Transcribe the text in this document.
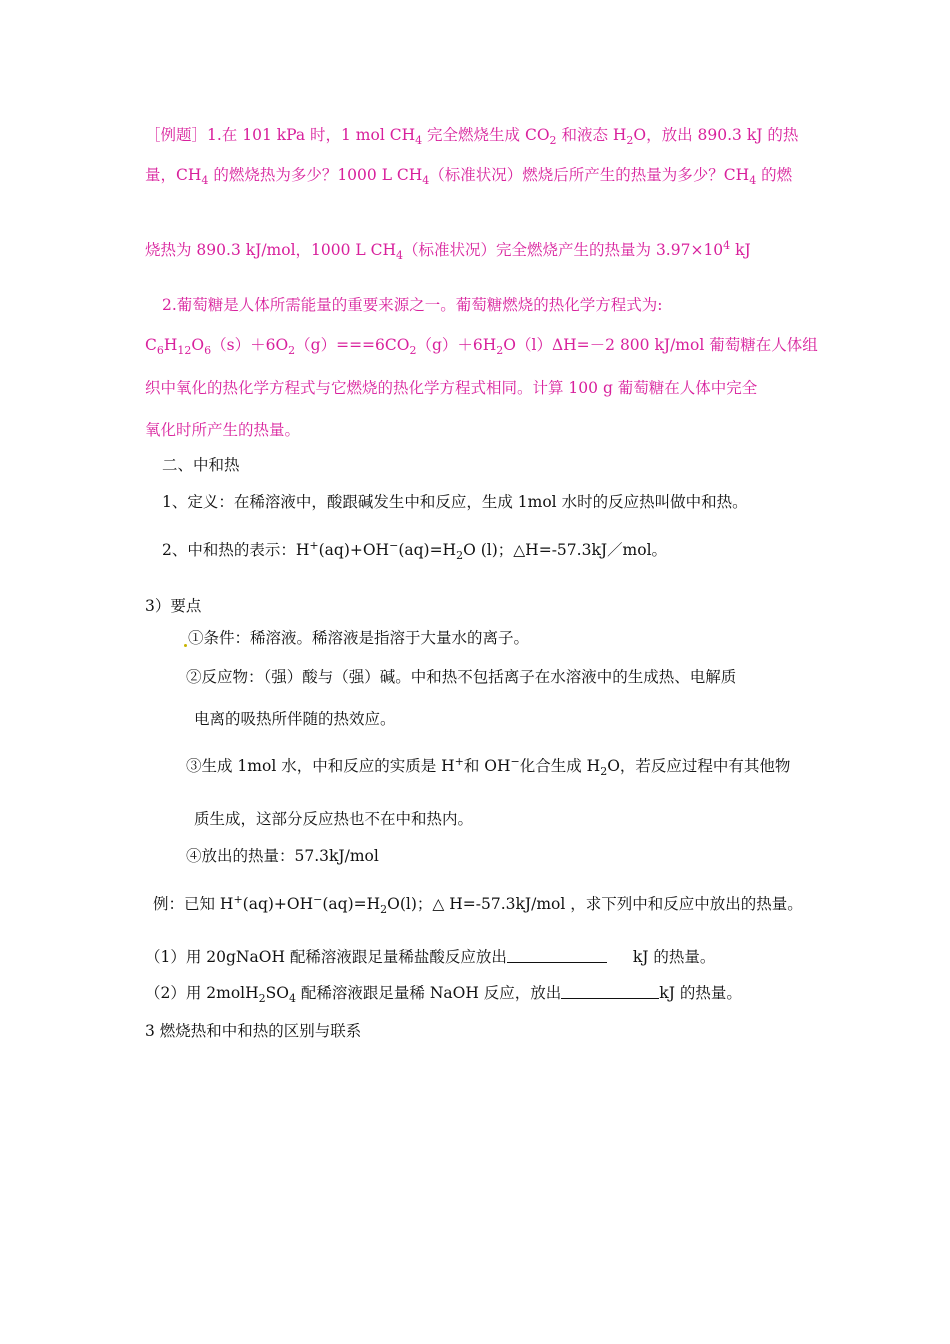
［例题］1.在 101 kPa 时，1 mol $CH_4$ 完全燃烧生成 $CO_2$ 和液态 $H_2O$，放出 890.3 kJ 的热
量，$CH_4$ 的燃烧热为多少？1000 L $CH_4$（标准状况）燃烧后所产生的热量为多少？$CH_4$ 的燃
烧热为 890.3 kJ/mol，1000 L $CH_4$（标准状况）完全燃烧产生的热量为 $3.97\times 10^4$ kJ
2.葡萄糖是人体所需能量的重要来源之一。葡萄糖燃烧的热化学方程式为:
$C_6H_{12}O_6(s)+6O_2(g)===6CO_2(g)+6H_2O(l)\Delta H=-2$ 800 kJ/mol 葡萄糖在人体组
织中氧化的热化学方程式与它燃烧的热化学方程式相同。计算 100 g 葡萄糖在人体中完全
氧化时所产生的热量。
二、中和热
1、定义：在稀溶液中，酸跟碱发生中和反应，生成 1mol 水时的反应热叫做中和热。
2、中和热的表示：$H^+(aq)+OH^-(aq)=H_2O$ (l)；△H=-57.3kJ／mol。
3）要点
①条件：稀溶液。稀溶液是指溶于大量水的离子。
②反应物：（强）酸与（强）碱。中和热不包括离子在水溶液中的生成热、电解质
电离的吸热所伴随的热效应。
③生成 1mol 水，中和反应的实质是 H+和 OH−化合生成 $H_2O$，若反应过程中有其他物
质生成，这部分反应热也不在中和热内。
④放出的热量：57.3kJ/mol
例：已知 $H^+(aq)+OH^-(aq)=H_2O(l)$；△ H=-57.3kJ/mol ，求下列中和反应中放出的热量。
（1）用 20gNaOH 配稀溶液跟足量稀盐酸反应放出	kJ 的热量。
（2）用 $2molH_2SO_4$ 配稀溶液跟足量稀 NaOH 反应，放出	kJ 的热量。
3 燃烧热和中和热的区别与联系
